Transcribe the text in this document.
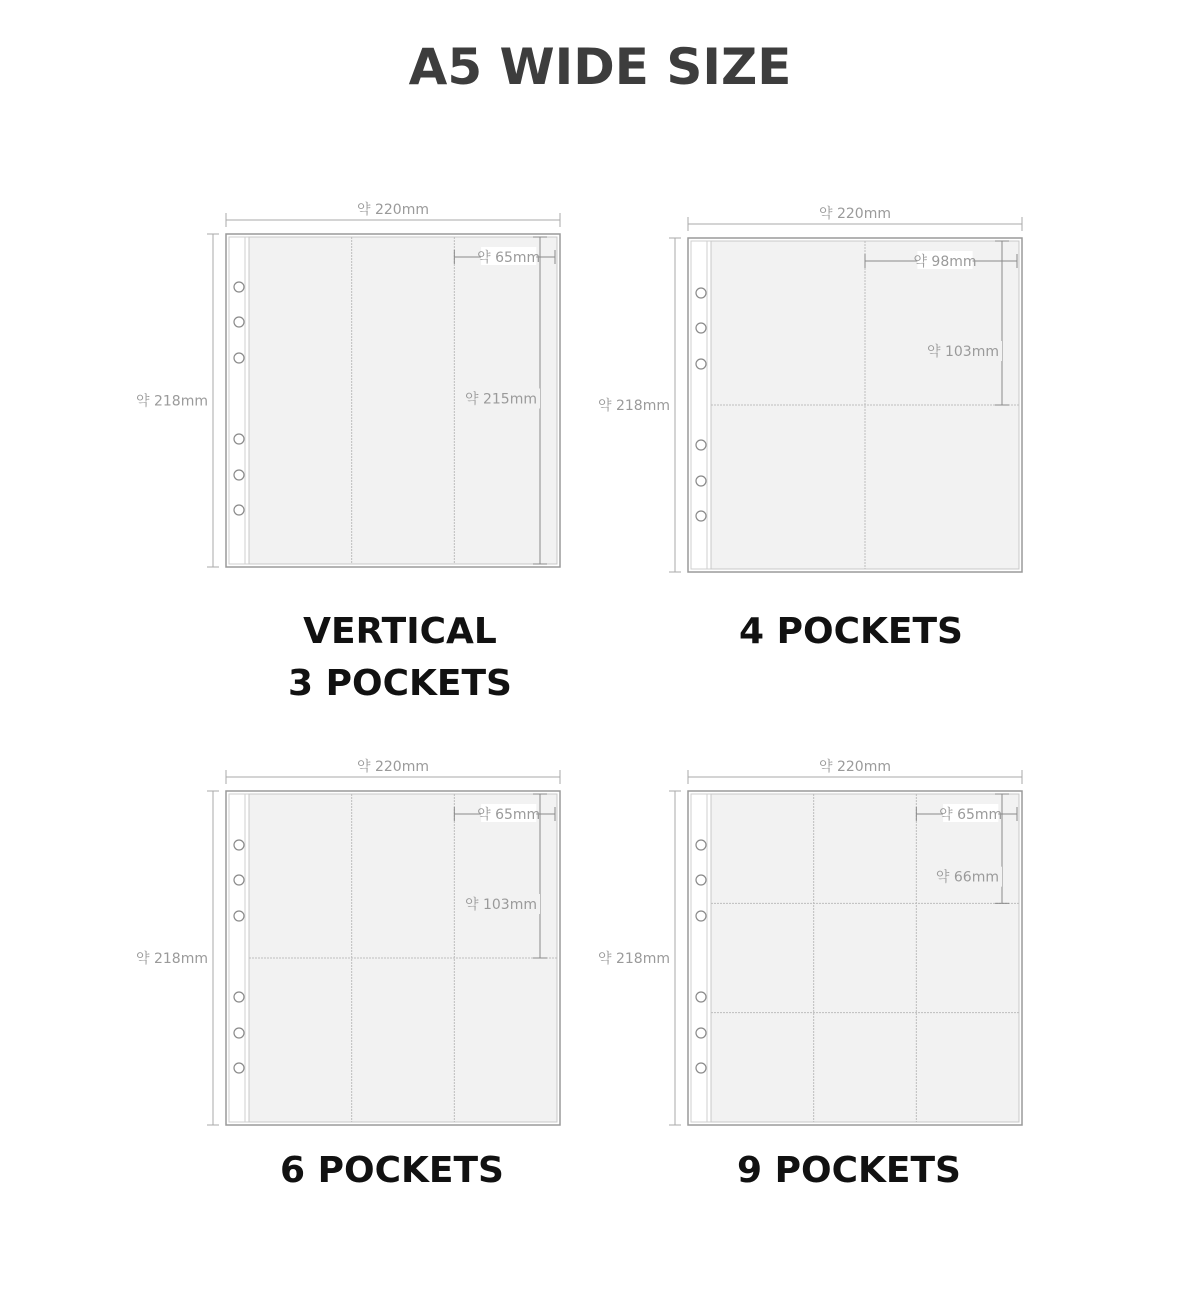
A5 WIDE SIZE
약 220mm
약 218mm
약 65mm
약 215mm
약 220mm
약 218mm
약 98mm
약 103mm
약 220mm
약 218mm
약 65mm
약 103mm
약 220mm
약 218mm
약 65mm
약 66mm
VERTICAL
3 POCKETS
4 POCKETS
6 POCKETS	9 POCKETS
